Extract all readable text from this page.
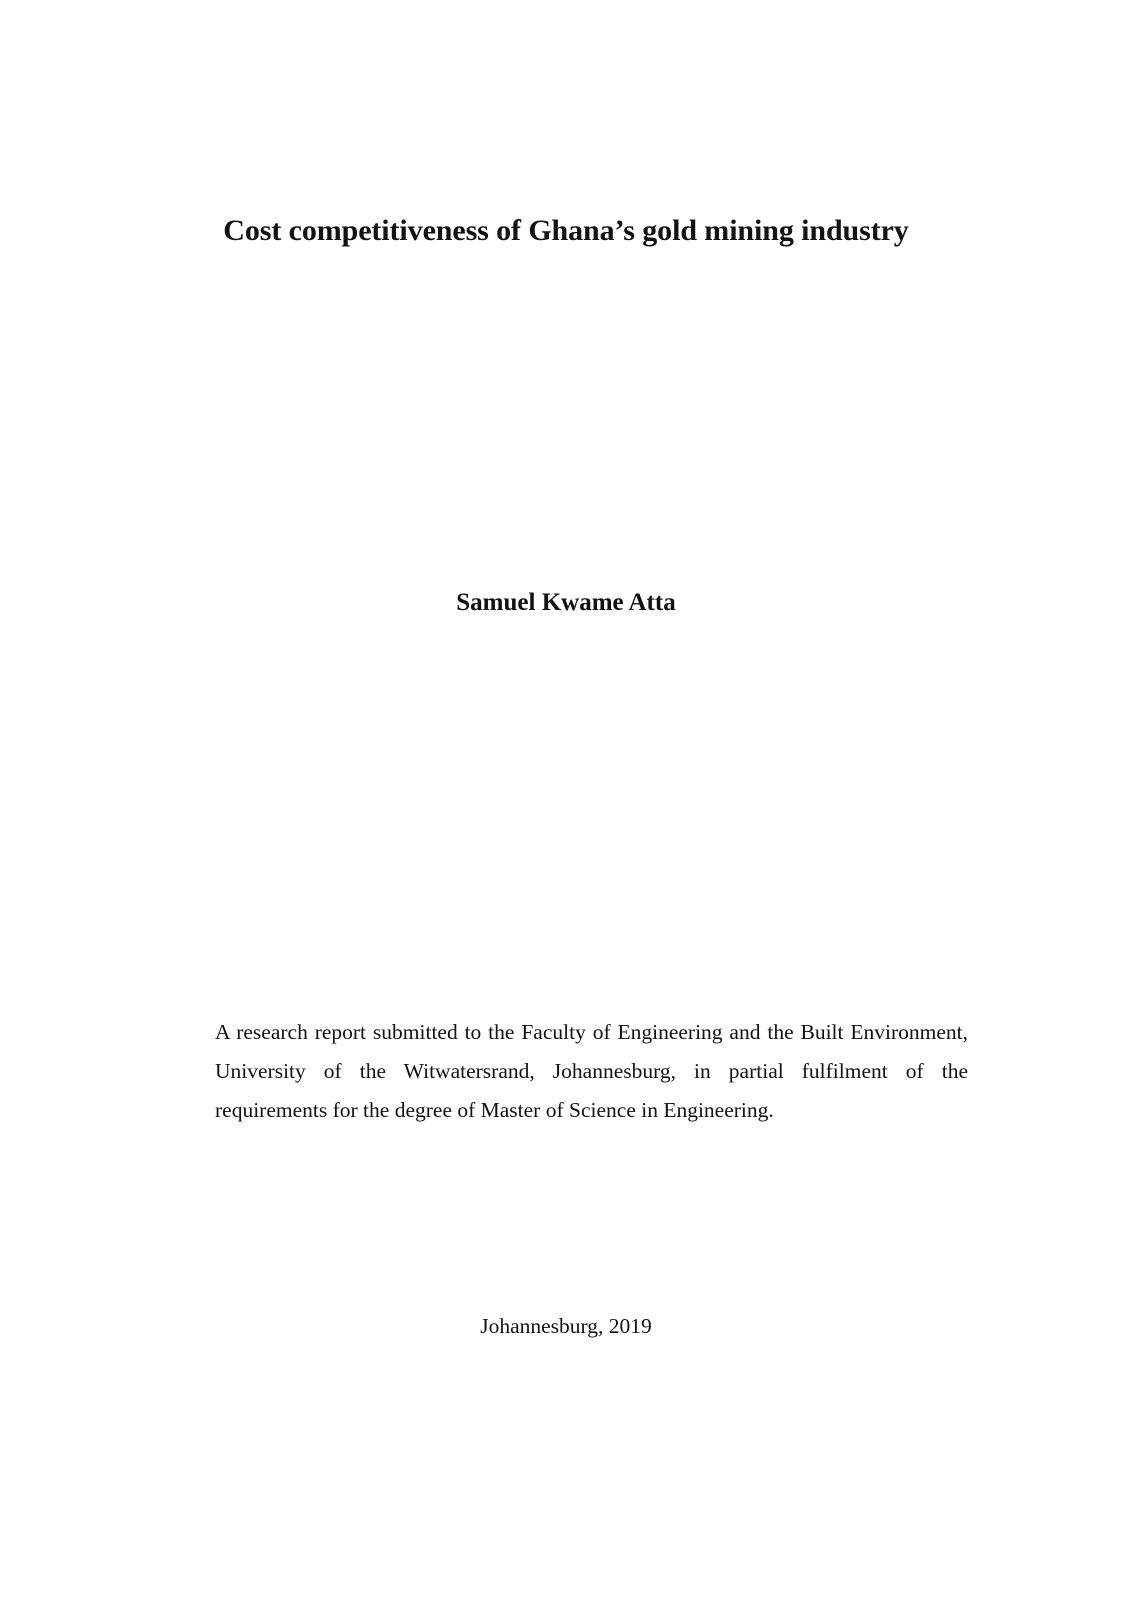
Cost competitiveness of Ghana’s gold mining industry
Samuel Kwame Atta

A research report submitted to the Faculty of Engineering and the Built Environment, University of the Witwatersrand, Johannesburg, in partial fulfilment of the requirements for the degree of Master of Science in Engineering.

Johannesburg, 2019
